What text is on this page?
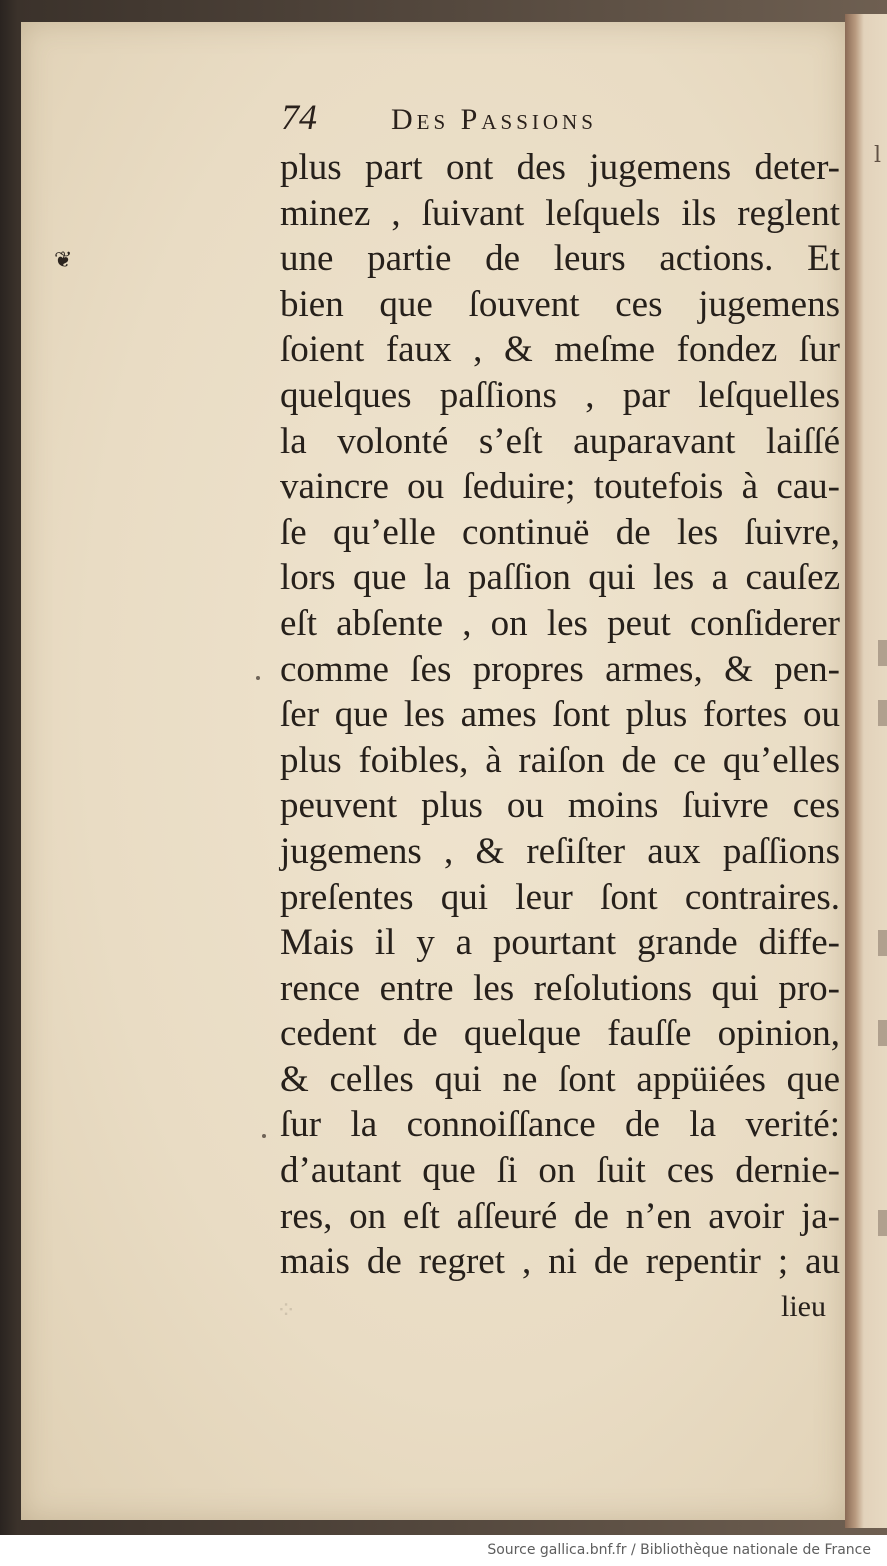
l
❦
74	Des Passions
plus part ont des jugemens deter-
minez , ſuivant leſquels ils reglent
une partie de leurs actions. Et
bien que ſouvent ces jugemens
ſoient faux , & meſme fondez ſur
quelques paſſions , par leſquelles
la volonté s’eſt auparavant laiſſé
vaincre ou ſeduire; toutefois à cau-
ſe qu’elle continuë de les ſuivre,
lors que la paſſion qui les a cauſez
eſt abſente , on les peut conſiderer
comme ſes propres armes, & pen-
ſer que les ames ſont plus fortes ou
plus foibles, à raiſon de ce qu’elles
peuvent plus ou moins ſuivre ces
jugemens , & reſiſter aux paſſions
preſentes qui leur ſont contraires.
Mais il y a pourtant grande diffe-
rence entre les reſolutions qui pro-
cedent de quelque fauſſe opinion,
& celles qui ne ſont appüiées que
ſur la connoiſſance de la verité:
d’autant que ſi on ſuit ces dernie-
res, on eſt aſſeuré de n’en avoir ja-
mais de regret , ni de repentir ; au
lieu
⁘
Source gallica.bnf.fr / Bibliothèque nationale de France
